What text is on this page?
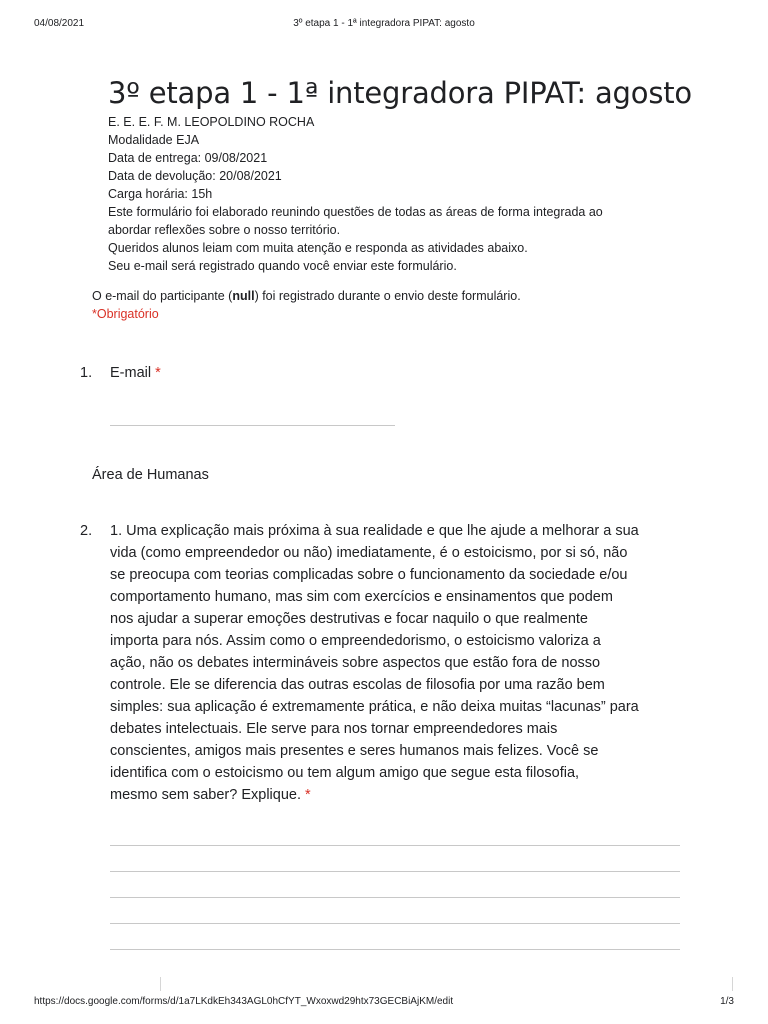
04/08/2021	3º etapa 1 - 1ª integradora PIPAT: agosto
3º etapa 1 - 1ª integradora PIPAT: agosto
E. E. E. F. M. LEOPOLDINO ROCHA
Modalidade EJA
Data de entrega: 09/08/2021
Data de devolução: 20/08/2021
Carga horária: 15h
Este formulário foi elaborado reunindo questões de todas as áreas de forma integrada ao
abordar reflexões sobre o nosso território.
Queridos alunos leiam com muita atenção e responda as atividades abaixo.
Seu e-mail será registrado quando você enviar este formulário.
O e-mail do participante (null) foi registrado durante o envio deste formulário.
*Obrigatório
1. E-mail *
Área de Humanas
2. 1. Uma explicação mais próxima à sua realidade e que lhe ajude a melhorar a sua
vida (como empreendedor ou não) imediatamente, é o estoicismo, por si só, não
se preocupa com teorias complicadas sobre o funcionamento da sociedade e/ou
comportamento humano, mas sim com exercícios e ensinamentos que podem
nos ajudar a superar emoções destrutivas e focar naquilo o que realmente
importa para nós. Assim como o empreendedorismo, o estoicismo valoriza a
ação, não os debates intermináveis sobre aspectos que estão fora de nosso
controle. Ele se diferencia das outras escolas de filosofia por uma razão bem
simples: sua aplicação é extremamente prática, e não deixa muitas “lacunas” para
debates intelectuais. Ele serve para nos tornar empreendedores mais
conscientes, amigos mais presentes e seres humanos mais felizes. Você se
identifica com o estoicismo ou tem algum amigo que segue esta filosofia,
mesmo sem saber? Explique. *
https://docs.google.com/forms/d/1a7LKdkEh343AGL0hCfYT_Wxoxwd29htx73GECBiAjKM/edit	1/3
